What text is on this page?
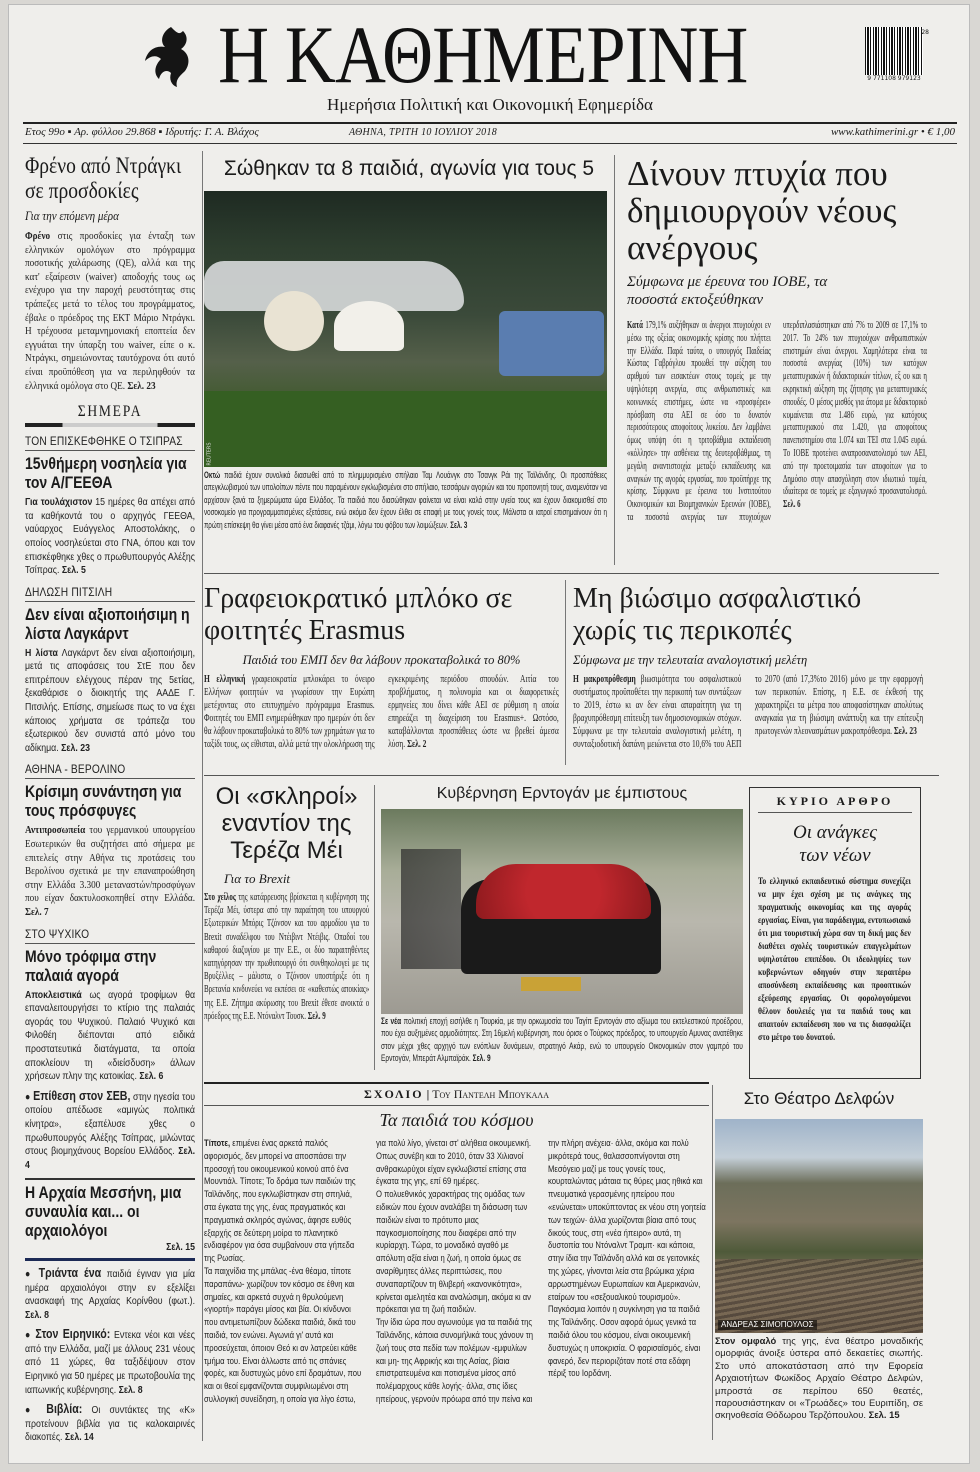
Η ΚΑΘΗΜΕΡΙΝΗ	9 771108 979123
28
Ημερήσια Πολιτική και Οικονομική Εφημερίδα
Ετος 99ο ▪ Αρ. φύλλου 29.868 ▪ Ιδρυτής: Γ. Α. Βλάχος	ΑΘΗΝΑ, ΤΡΙΤΗ 10 ΙΟΥΛΙΟΥ 2018	www.kathimerini.gr • € 1,00
Φρένο από Ντράγκι σε προσδοκίες
Για την επόμενη μέρα
Φρένο στις προσδοκίες για ένταξη των ελληνικών ομολόγων στο πρόγραμμα ποσοτικής χαλάρωσης (QE), αλλά και της κατ' εξαίρεσιν (waiver) αποδοχής τους ως ενέχυρο για την παροχή ρευστότητας στις τράπεζες μετά το τέλος του προγράμματος, έβαλε ο πρόεδρος της ΕΚΤ Μάριο Ντράγκι. Η τρέχουσα μεταμνημονιακή εποπτεία δεν εγγυάται την ύπαρξη του waiver, είπε ο κ. Ντράγκι, σημειώνοντας ταυτόχρονα ότι αυτό είναι προϋπόθεση για να περιληφθούν τα ελληνικά ομόλογα στο QE. Σελ. 23
ΣΗΜΕΡΑ
ΤΟΝ ΕΠΙΣΚΕΦΘΗΚΕ Ο ΤΣΙΠΡΑΣ
15νθήμερη νοσηλεία για τον Α/ΓΕΕΘΑ
Για τουλάχιστον 15 ημέρες θα απέχει από τα καθήκοντά του ο αρχηγός ΓΕΕΘΑ, ναύαρχος Ευάγγελος Αποστολάκης, ο οποίος νοσηλεύεται στο ΓΝΑ, όπου και τον επισκέφθηκε χθες ο πρωθυπουργός Αλέξης Τσίπρας. Σελ. 5
ΔΗΛΩΣΗ ΠΙΤΣΙΛΗ
Δεν είναι αξιοποιήσιμη η λίστα Λαγκάρντ
Η λίστα Λαγκάρντ δεν είναι αξιοποιήσιμη, μετά τις αποφάσεις του ΣτΕ που δεν επιτρέπουν ελέγχους πέραν της 5ετίας, ξεκαθάρισε ο διοικητής της ΑΑΔΕ Γ. Πιτσιλής. Επίσης, σημείωσε πως το να έχει κάποιος χρήματα σε τράπεζα του εξωτερικού δεν συνιστά από μόνο του αδίκημα. Σελ. 23
ΑΘΗΝΑ - ΒΕΡΟΛΙΝΟ
Κρίσιμη συνάντηση για τους πρόσφυγες
Αντιπροσωπεία του γερμανικού υπουργείου Εσωτερικών θα συζητήσει από σήμερα με επιτελείς στην Αθήνα τις προτάσεις του Βερολίνου σχετικά με την επαναπροώθηση στην Ελλάδα 3.300 μεταναστών/προσφύγων που είχαν δακτυλοσκοπηθεί στην Ελλάδα. Σελ. 7
ΣΤΟ ΨΥΧΙΚΟ
Μόνο τρόφιμα στην παλαιά αγορά
Αποκλειστικά ως αγορά τροφίμων θα επαναλειτουργήσει το κτίριο της παλαιάς αγοράς του Ψυχικού. Παλαιό Ψυχικό και Φιλοθέη διέπονται από ειδικά προστατευτικά διατάγματα, τα οποία αποκλείουν τη «διείσδυση» άλλων χρήσεων πλην της κατοικίας. Σελ. 6
● Επίθεση στον ΣΕΒ, στην ηγεσία του οποίου απέδωσε «αμιγώς πολιτικά κίνητρα», εξαπέλυσε χθες ο πρωθυπουργός Αλέξης Τσίπρας, μιλώντας στους βιομηχάνους Βορείου Ελλάδος. Σελ. 4
Η Αρχαία Μεσσήνη, μια συναυλία και... οι αρχαιολόγοι
Σελ. 15
● Τριάντα ένα παιδιά έγιναν για μία ημέρα αρχαιολόγοι στην εν εξελίξει ανασκαφή της Αρχαίας Κορίνθου (φωτ.). Σελ. 8
● Στον Ειρηνικό: Εντεκα νέοι και νέες από την Ελλάδα, μαζί με άλλους 231 νέους από 11 χώρες, θα ταξιδέψουν στον Ειρηνικό για 50 ημέρες με πρωτοβουλία της ιαπωνικής κυβέρνησης. Σελ. 8
● Βιβλία: Οι συντάκτες της «Κ» προτείνουν βιβλία για τις καλοκαιρινές διακοπές. Σελ. 14
Σώθηκαν τα 8 παιδιά, αγωνία για τους 5
REUTERS
Οκτώ παιδιά έχουν συνολικά διασωθεί από το πλημμυρισμένο σπήλαιο Ταμ Λουάνγκ στο Τσανγκ Ράι της Ταϊλάνδης. Οι προσπάθειες απεγκλωβισμού των υπολοίπων πέντε που παραμένουν εγκλωβισμένοι στο σπήλαιο, τεσσάρων αγοριών και του προπονητή τους, αναμενόταν να αρχίσουν ξανά τα ξημερώματα ώρα Ελλάδος. Τα παιδιά που διασώθηκαν φαίνεται να είναι καλά στην υγεία τους και έχουν διακομισθεί στο νοσοκομείο για προγραμματισμένες εξετάσεις, ενώ ακόμα δεν έχουν έλθει σε επαφή με τους γονείς τους. Μάλιστα οι ιατροί επισημαίνουν ότι η πρώτη επίσκεψη θα γίνει μέσα από ένα διαφανές τζάμι, λόγω του φόβου των λοιμώξεων. Σελ. 3
Δίνουν πτυχία που δημιουργούν νέους ανέργους
Σύμφωνα με έρευνα του ΙΟΒΕ, τα ποσοστά εκτοξεύθηκαν
Κατά 179,1% αυξήθηκαν οι άνεργοι πτυχιούχοι εν μέσω της οξείας οικονομικής κρίσης που πλήττει την Ελλάδα. Παρά ταύτα, ο υπουργός Παιδείας Κώστας Γαβρόγλου προωθεί την αύξηση του αριθμού των εισακτέων στους τομείς με την υψηλότερη ανεργία, στις ανθρωπιστικές και κοινωνικές επιστήμες, ώστε να «προσφέρει» πρόσβαση στα ΑΕΙ σε όσο το δυνατόν περισσότερους αποφοίτους λυκείου. Δεν λαμβάνει όμως υπόψη ότι η τριτοβάθμια εκπαίδευση «κόλλησε» την ασθένεια της δευτεροβάθμιας, τη μεγάλη αναντιστοιχία μεταξύ εκπαίδευσης και αναγκών της αγοράς εργασίας, που προϋπήρχε της κρίσης. Σύμφωνα με έρευνα του Ινστιτούτου Οικονομικών και Βιομηχανικών Ερευνών (ΙΟΒΕ), τα ποσοστά ανεργίας των πτυχιούχων υπερδιπλασιάστηκαν από 7% το 2009 σε 17,1% το 2017. Το 24% των πτυχιούχων ανθρωπιστικών επιστημών είναι άνεργοι. Χαμηλότερα είναι τα ποσοστά ανεργίας (10%) των κατόχων μεταπτυχιακών ή διδακτορικών τίτλων, εξ ου και η εκρηκτική αύξηση της ζήτησης για μεταπτυχιακές σπουδές. Ο μέσος μισθός για άτομα με διδακτορικό κυμαίνεται στα 1.486 ευρώ, για κατόχους μεταπτυχιακού στα 1.420, για αποφοίτους πανεπιστημίου στα 1.074 και ΤΕΙ στα 1.045 ευρώ. Το ΙΟΒΕ προτείνει αναπροσανατολισμό των ΑΕΙ, από την προετοιμασία των αποφοίτων για το Δημόσιο στην απασχόληση στον ιδιωτικό τομέα, ιδιαίτερα σε τομείς με εξαγωγικό προσανατολισμό. Σελ. 6
Γραφειοκρατικό μπλόκο σε φοιτητές Erasmus
Παιδιά του ΕΜΠ δεν θα λάβουν προκαταβολικά το 80%
Η ελληνική γραφειοκρατία μπλοκάρει το όνειρο Ελλήνων φοιτητών να γνωρίσουν την Ευρώπη μετέχοντας στο επιτυχημένο πρόγραμμα Erasmus. Φοιτητές του ΕΜΠ ενημερώθηκαν προ ημερών ότι δεν θα λάβουν προκαταβολικά το 80% των χρημάτων για το ταξίδι τους, ως είθισται, αλλά μετά την ολοκλήρωση της εγκεκριμένης περιόδου σπουδών. Αιτία του προβλήματος, η πολυνομία και οι διαφορετικές ερμηνείες που δίνει κάθε ΑΕΙ σε ρύθμιση η οποία επηρεάζει τη διαχείριση του Erasmus+. Ωστόσο, καταβάλλονται προσπάθειες ώστε να βρεθεί άμεσα λύση. Σελ. 2
Μη βιώσιμο ασφαλιστικό χωρίς τις περικοπές
Σύμφωνα με την τελευταία αναλογιστική μελέτη
Η μακροπρόθεσμη βιωσιμότητα του ασφαλιστικού συστήματος προϋποθέτει την περικοπή των συντάξεων το 2019, έστω κι αν δεν είναι απαραίτητη για τη βραχυπρόθεσμη επίτευξη των δημοσιονομικών στόχων. Σύμφωνα με την τελευταία αναλογιστική μελέτη, η συνταξιοδοτική δαπάνη μειώνεται στο 10,6% του ΑΕΠ το 2070 (από 17,3%το 2016) μόνο με την εφαρμογή των περικοπών. Επίσης, η Ε.Ε. σε έκθεσή της χαρακτηρίζει τα μέτρα που αποφασίστηκαν απολύτως αναγκαία για τη βιώσιμη ανάπτυξη και την επίτευξη πρωτογενών πλεονασμάτων μακροπρόθεσμα. Σελ. 23
Οι «σκληροί» εναντίον της Τερέζα Μέι
Για το Brexit
Στο χείλος της κατάρρευσης βρίσκεται η κυβέρνηση της Τερέζα Μέι, ύστερα από την παραίτηση του υπουργού Εξωτερικών Μπόρις Τζόνσον και του αρμοδίου για το Brexit συναδέλφου του Ντέιβιντ Ντέιβις. Οπαδοί του καθαρού διαζυγίου με την Ε.Ε., οι δύο παραιτηθέντες κατηγόρησαν την πρωθυπουργό ότι συνθηκολογεί με τις Βρυξέλλες – μάλιστα, ο Τζόνσον υποστήριξε ότι η Βρετανία κινδυνεύει να εκπέσει σε «καθεστώς αποικίας» της Ε.Ε. Ζήτημα ακύρωσης του Brexit έθεσε ανοικτά ο πρόεδρος της Ε.Ε. Ντόναλντ Τουσκ. Σελ. 9
Κυβέρνηση Ερντογάν με έμπιστους
Σε νέα πολιτική εποχή εισήλθε η Τουρκία, με την ορκωμοσία του Ταγίπ Ερντογάν στο αξίωμα του εκτελεστικού προέδρου, που έχει αυξημένες αρμοδιότητες. Στη 16μελή κυβέρνηση, που όρισε ο Τούρκος πρόεδρος, το υπουργείο Αμυνας ανατέθηκε στον μέχρι χθες αρχηγό των ενόπλων δυνάμεων, στρατηγό Ακάρ, ενώ το υπουργείο Οικονομικών στον γαμπρό του Ερντογάν, Μπεράτ Αλμπαϊράκ. Σελ. 9
ΚΥΡΙΟ ΑΡΘΡΟ
Οι ανάγκες των νέων
Το ελληνικό εκπαιδευτικό σύστημα συνεχίζει να μην έχει σχέση με τις ανάγκες της πραγματικής οικονομίας και της αγοράς εργασίας. Είναι, για παράδειγμα, εντυπωσιακό ότι μια τουριστική χώρα σαν τη δική μας δεν διαθέτει σχολές τουριστικών επαγγελμάτων υψηλοτάτου επιπέδου. Οι ιδεοληψίες των κυβερνώντων οδηγούν στην περαιτέρω αποσύνδεση εκπαίδευσης και προοπτικών εξεύρεσης εργασίας. Οι φορολογούμενοι θέλουν δουλειές για τα παιδιά τους και απαιτούν εκπαίδευση που να τις διασφαλίζει στο μέτρο του δυνατού.
ΣΧΟΛΙΟ | Του Παντελη Μπουκαλα
Τα παιδιά του κόσμου
Τίποτε, επιμένει ένας αρκετά παλιός αφορισμός, δεν μπορεί να αποσπάσει την προσοχή του οικουμενικού κοινού από ένα Μουντιάλ. Τίποτε; Το δράμα των παιδιών της Ταϊλάνδης, που εγκλωβίστηκαν στη σπηλιά, στα έγκατα της γης, ένας πραγματικός και πραγματικά σκληρός αγώνας, άφησε ευθύς εξαρχής σε δεύτερη μοίρα το πλανητικό ενδιαφέρον για όσα συμβαίνουν στα γήπεδα της Ρωσίας.
Τα παιχνίδια της μπάλας -ένα θέαμα, τίποτε παραπάνω- χωρίζουν τον κόσμο σε έθνη και σημαίες, και αρκετά συχνά η θρυλούμενη «γιορτή» παράγει μίσος και βία. Οι κίνδυνοι που αντιμετωπίζουν δώδεκα παιδιά, δικά του παιδιά, τον ενώνει. Αγωνιά γι' αυτά και προσεύχεται, όποιον Θεό κι αν λατρεύει κάθε τμήμα του. Είναι άλλωστε από τις σπάνιες φορές, και δυστυχώς μόνο επί δραμάτων, που και οι θεοί εμφανίζονται συμφιλιωμένοι στη συλλογική συνείδηση, η οποία για λίγο έστω, για πολύ λίγο, γίνεται στ' αλήθεια οικουμενική. Οπως συνέβη και το 2010, όταν 33 Χιλιανοί ανθρακωρύχοι είχαν εγκλωβιστεί επίσης στα έγκατα της γης, επί 69 ημέρες.
Ο πολυεθνικός χαρακτήρας της ομάδας των ειδικών που έχουν αναλάβει τη διάσωση των παιδιών είναι το πρότυπο μιας παγκοσμιοποίησης που διαφέρει από την κυρίαρχη. Τώρα, το μοναδικό αγαθό με απόλυτη αξία είναι η ζωή, η οποία όμως σε αναρίθμητες άλλες περιπτώσεις, που συναπαρτίζουν τη θλιβερή «κανονικότητα», κρίνεται αμελητέα και αναλώσιμη, ακόμα κι αν πρόκειται για τη ζωή παιδιών.
Την ίδια ώρα που αγωνιούμε για τα παιδιά της Ταϊλάνδης, κάποια συνομήλικά τους χάνουν τη ζωή τους στα πεδία των πολέμων -εμφυλίων και μη- της Αφρικής και της Ασίας, βίαια επιστρατευμένα και ποτισμένα μίσος από πολέμαρχους κάθε λογής· άλλα, στις ίδιες ηπείρους, γερνούν πρόωρα από την πείνα και την πλήρη ανέχεια· άλλα, ακόμα και πολύ μικρότερά τους, θαλασσοπνίγονται στη Μεσόγειο μαζί με τους γονείς τους, κουρταλώντας μάταια τις θύρες μιας ηθικά και πνευματικά γερασμένης ηπείρου που «ενώνεται» υποκύπτοντας εκ νέου στη γοητεία των τειχών· άλλα χωρίζονται βίαια από τους δικούς τους, στη «νέα ήπειρο» αυτά, τη δυστοπία του Ντόναλντ Τραμπ· και κάποια, στην ίδια την Ταϊλάνδη αλλά και σε γειτονικές της χώρες, γίνονται λεία στα βρώμικα χέρια αρρωστημένων Ευρωπαίων και Αμερικανών, εταίρων του «σεξουαλικού τουρισμού».
Παγκόσμια λοιπόν η συγκίνηση για τα παιδιά της Ταϊλάνδης. Οσον αφορά όμως γενικά τα παιδιά όλου του κόσμου, είναι οικουμενική δυστυχώς η υποκρισία. Ο φαρισαϊσμός, είναι φανερό, δεν περιοριζόταν ποτέ στα εδάφη πέριξ του Ιορδάνη.
Στο Θέατρο Δελφών
ΑΝΔΡΕΑΣ ΣΙΜΟΠΟΥΛΟΣ
Στον ομφαλό της γης, ένα θέατρο μοναδικής ομορφιάς άνοιξε ύστερα από δεκαετίες σιωπής. Στο υπό αποκατάσταση από την Εφορεία Αρχαιοτήτων Φωκίδος Αρχαίο Θέατρο Δελφών, μπροστά σε περίπου 650 θεατές, παρουσιάστηκαν οι «Τρωάδες» του Ευριπίδη, σε σκηνοθεσία Θόδωρου Τερζόπουλου. Σελ. 15
